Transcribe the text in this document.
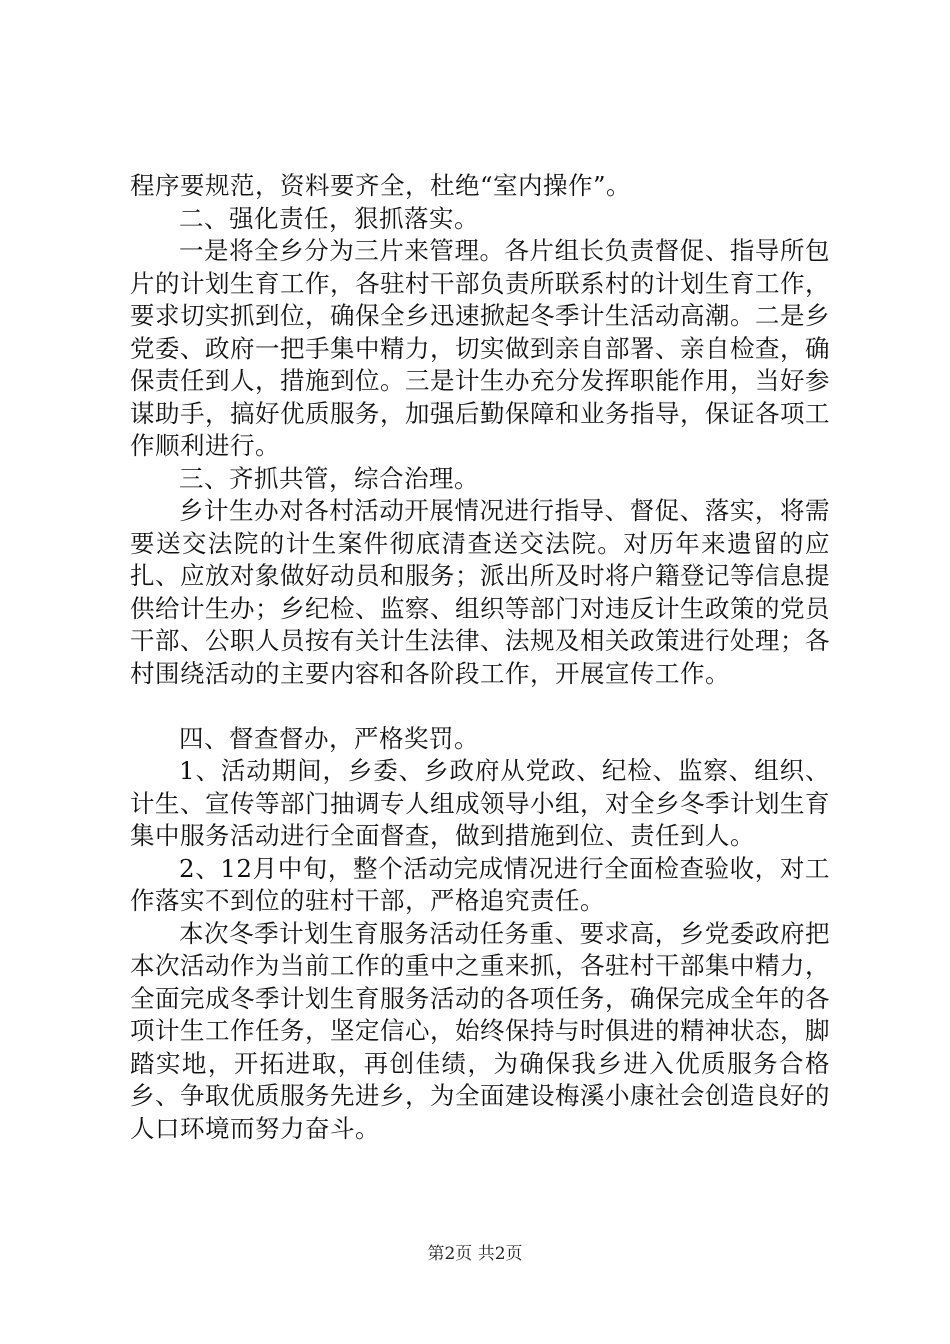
程序要规范，资料要齐全，杜绝“室内操作”。

二、强化责任，狠抓落实。

一是将全乡分为三片来管理。各片组长负责督促、指导所包片的计划生育工作，各驻村干部负责所联系村的计划生育工作，要求切实抓到位，确保全乡迅速掀起冬季计生活动高潮。二是乡党委、政府一把手集中精力，切实做到亲自部署、亲自检查，确保责任到人，措施到位。三是计生办充分发挥职能作用，当好参谋助手，搞好优质服务，加强后勤保障和业务指导，保证各项工作顺利进行。

三、齐抓共管，综合治理。

乡计生办对各村活动开展情况进行指导、督促、落实，将需要送交法院的计生案件彻底清查送交法院。对历年来遗留的应扎、应放对象做好动员和服务；派出所及时将户籍登记等信息提供给计生办；乡纪检、监察、组织等部门对违反计生政策的党员干部、公职人员按有关计生法律、法规及相关政策进行处理；各村围绕活动的主要内容和各阶段工作，开展宣传工作。

四、督查督办，严格奖罚。

1、活动期间，乡委、乡政府从党政、纪检、监察、组织、计生、宣传等部门抽调专人组成领导小组，对全乡冬季计划生育集中服务活动进行全面督查，做到措施到位、责任到人。

2、12月中旬，整个活动完成情况进行全面检查验收，对工作落实不到位的驻村干部，严格追究责任。

本次冬季计划生育服务活动任务重、要求高，乡党委政府把本次活动作为当前工作的重中之重来抓，各驻村干部集中精力，全面完成冬季计划生育服务活动的各项任务，确保完成全年的各项计生工作任务，坚定信心，始终保持与时俱进的精神状态，脚踏实地，开拓进取，再创佳绩，为确保我乡进入优质服务合格乡、争取优质服务先进乡，为全面建设梅溪小康社会创造良好的人口环境而努力奋斗。

第2页 共2页
